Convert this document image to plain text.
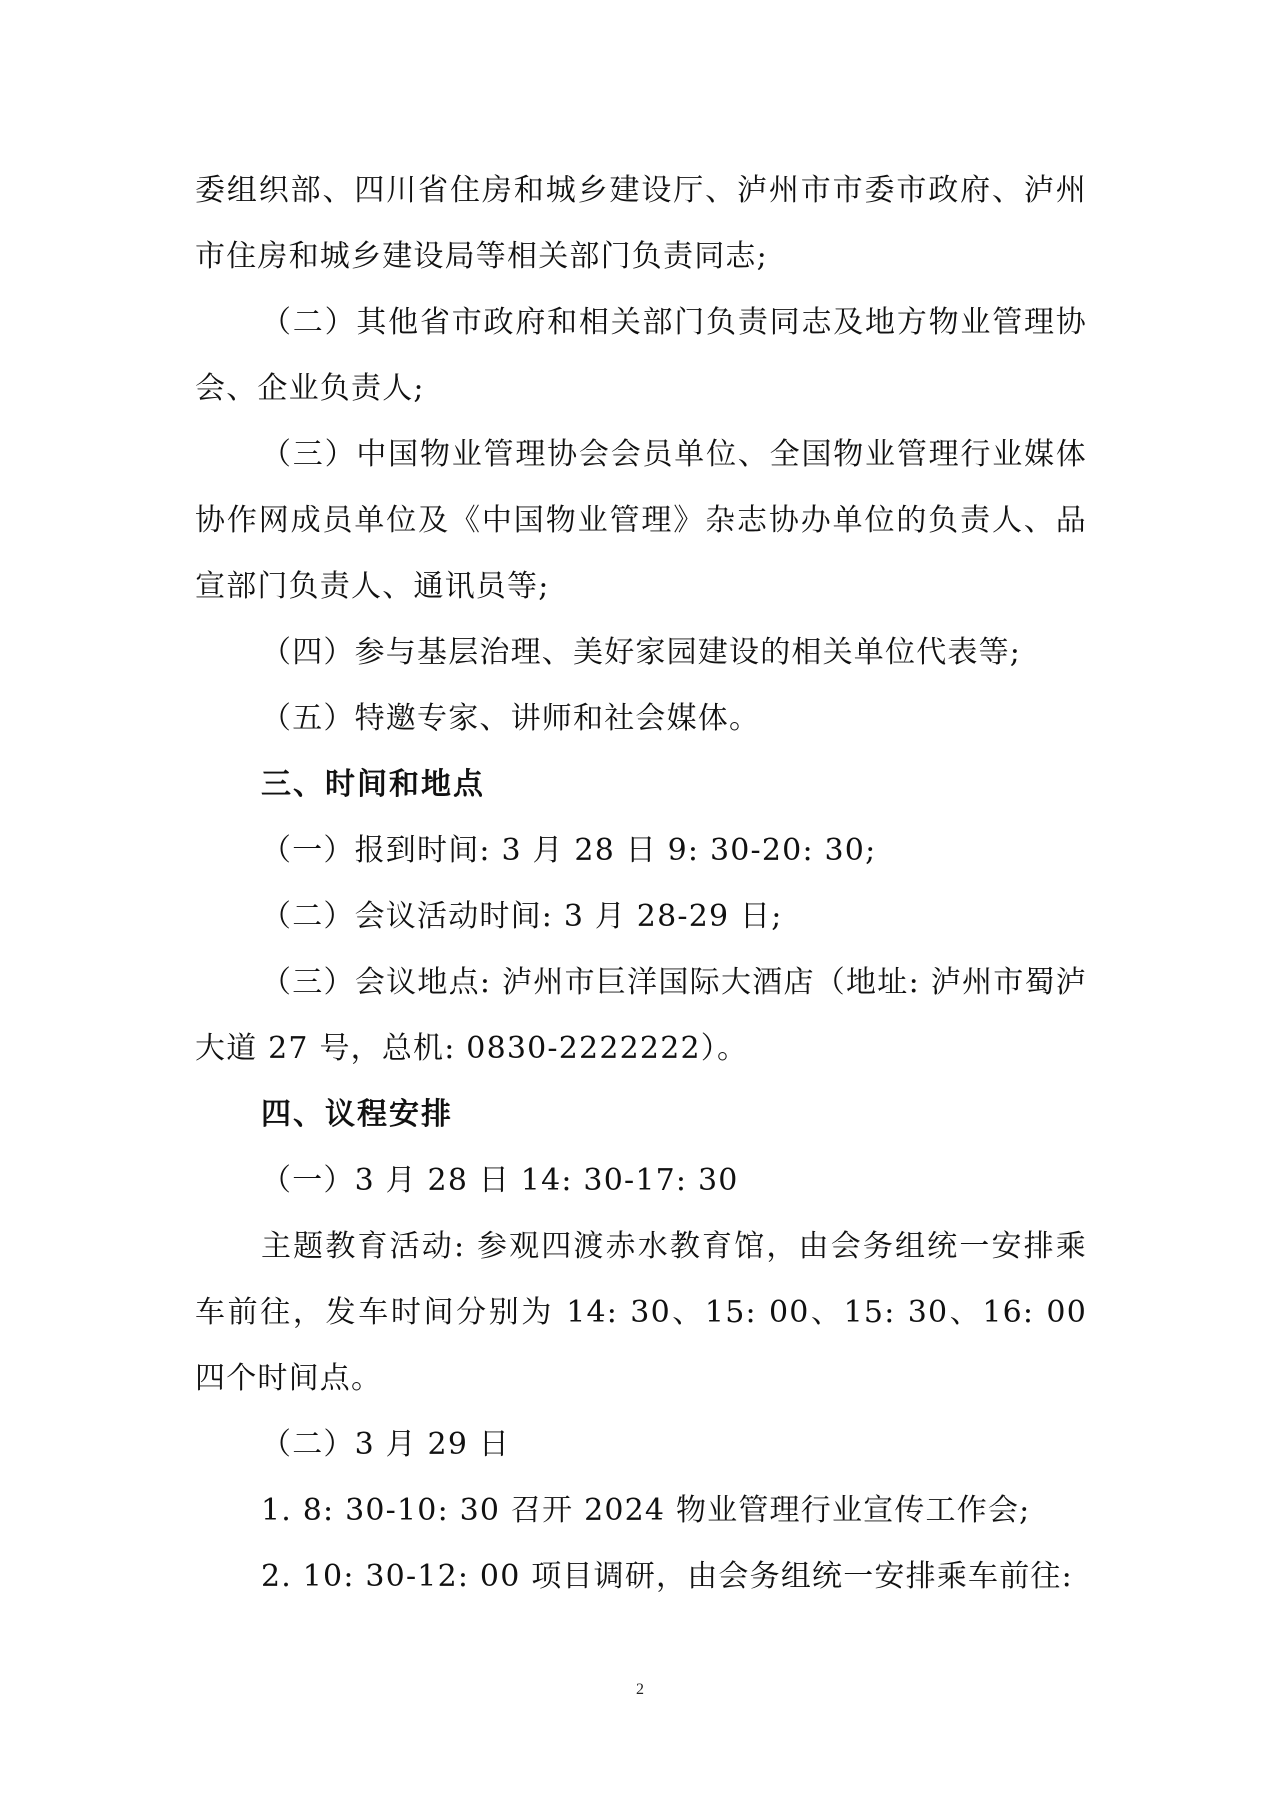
委组织部、四川省住房和城乡建设厅、泸州市市委市政府、泸州市住房和城乡建设局等相关部门负责同志;

（二）其他省市政府和相关部门负责同志及地方物业管理协会、企业负责人;

（三）中国物业管理协会会员单位、全国物业管理行业媒体协作网成员单位及《中国物业管理》杂志协办单位的负责人、品宣部门负责人、通讯员等;

（四）参与基层治理、美好家园建设的相关单位代表等;

（五）特邀专家、讲师和社会媒体。

三、时间和地点

（一）报到时间: 3 月 28 日 9: 30-20: 30;

（二）会议活动时间: 3 月 28-29 日;

（三）会议地点: 泸州市巨洋国际大酒店（地址: 泸州市蜀泸大道 27 号，总机: 0830-2222222）。

四、议程安排

（一）3 月 28 日 14: 30-17: 30

主题教育活动: 参观四渡赤水教育馆，由会务组统一安排乘车前往，发车时间分别为 14: 30、15: 00、15: 30、16: 00 四个时间点。

（二）3 月 29 日

1. 8: 30-10: 30 召开 2024 物业管理行业宣传工作会;

2. 10: 30-12: 00 项目调研，由会务组统一安排乘车前往:

2
